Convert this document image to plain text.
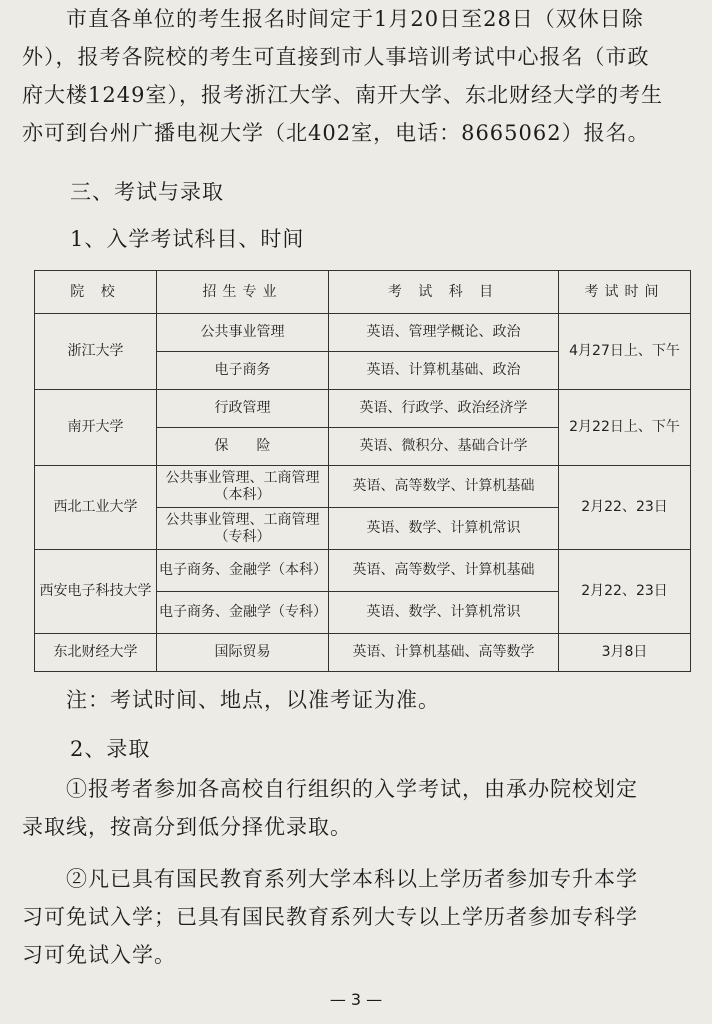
　　市直各单位的考生报名时间定于1月20日至28日（双休日除
外），报考各院校的考生可直接到市人事培训考试中心报名（市政
府大楼1249室），报考浙江大学、南开大学、东北财经大学的考生
亦可到台州广播电视大学（北402室，电话：8665062）报名。
三、考试与录取
1、入学考试科目、时间
院 校	招生专业	考 试 科 目	考试时间
浙江大学	公共事业管理	英语、管理学概论、政治	4月27日上、下午
	电子商务	英语、计算机基础、政治	
南开大学	行政管理	英语、行政学、政治经济学	2月22日上、下午
	保　　险	英语、微积分、基础合计学	
西北工业大学	公共事业管理、工商管理（本科）	英语、高等数学、计算机基础	2月22、23日
	公共事业管理、工商管理（专科）	英语、数学、计算机常识	
西安电子科技大学	电子商务、金融学（本科）	英语、高等数学、计算机基础	2月22、23日
	电子商务、金融学（专科）	英语、数学、计算机常识	
东北财经大学	国际贸易	英语、计算机基础、高等数学	3月8日
注：考试时间、地点，以准考证为准。
2、录取
　　①报考者参加各高校自行组织的入学考试，由承办院校划定
录取线，按高分到低分择优录取。
　　②凡已具有国民教育系列大学本科以上学历者参加专升本学
习可免试入学；已具有国民教育系列大专以上学历者参加专科学
习可免试入学。
— 3 —
